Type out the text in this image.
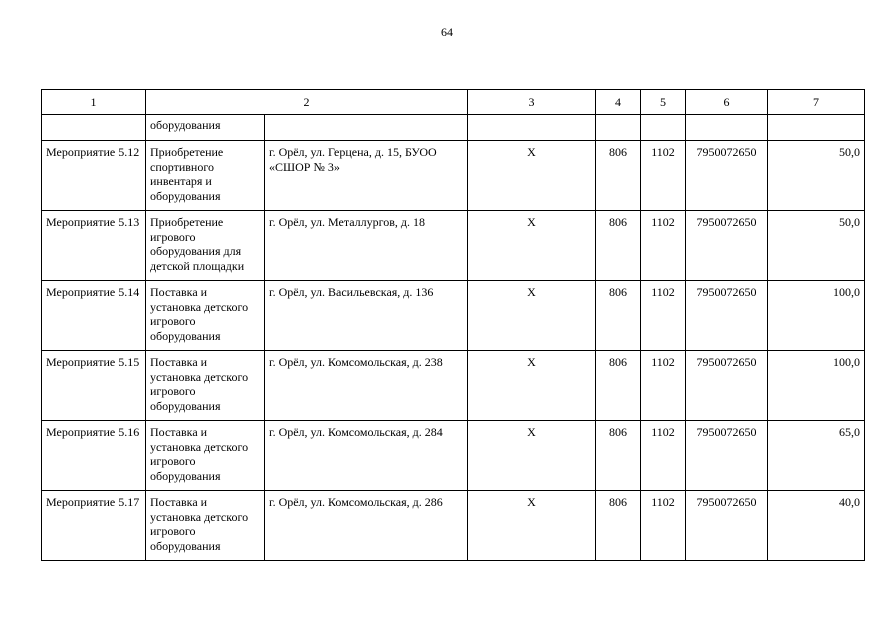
64
1	2		3	4	5	6	7
	оборудования						
Мероприятие 5.12	Приобретение спортивного инвентаря и оборудования	г. Орёл, ул. Герцена, д. 15, БУОО «СШОР № 3»	Х	806	1102	7950072650	50,0
Мероприятие 5.13	Приобретение игрового оборудования для детской площадки	г. Орёл, ул. Металлургов, д. 18	Х	806	1102	7950072650	50,0
Мероприятие 5.14	Поставка и установка детского игрового оборудования	г. Орёл, ул. Васильевская, д. 136	Х	806	1102	7950072650	100,0
Мероприятие 5.15	Поставка и установка детского игрового оборудования	г. Орёл, ул. Комсомольская, д. 238	Х	806	1102	7950072650	100,0
Мероприятие 5.16	Поставка и установка детского игрового оборудования	г. Орёл, ул. Комсомольская, д. 284	Х	806	1102	7950072650	65,0
Мероприятие 5.17	Поставка и установка детского игрового оборудования	г. Орёл, ул. Комсомольская, д. 286	Х	806	1102	7950072650	40,0
